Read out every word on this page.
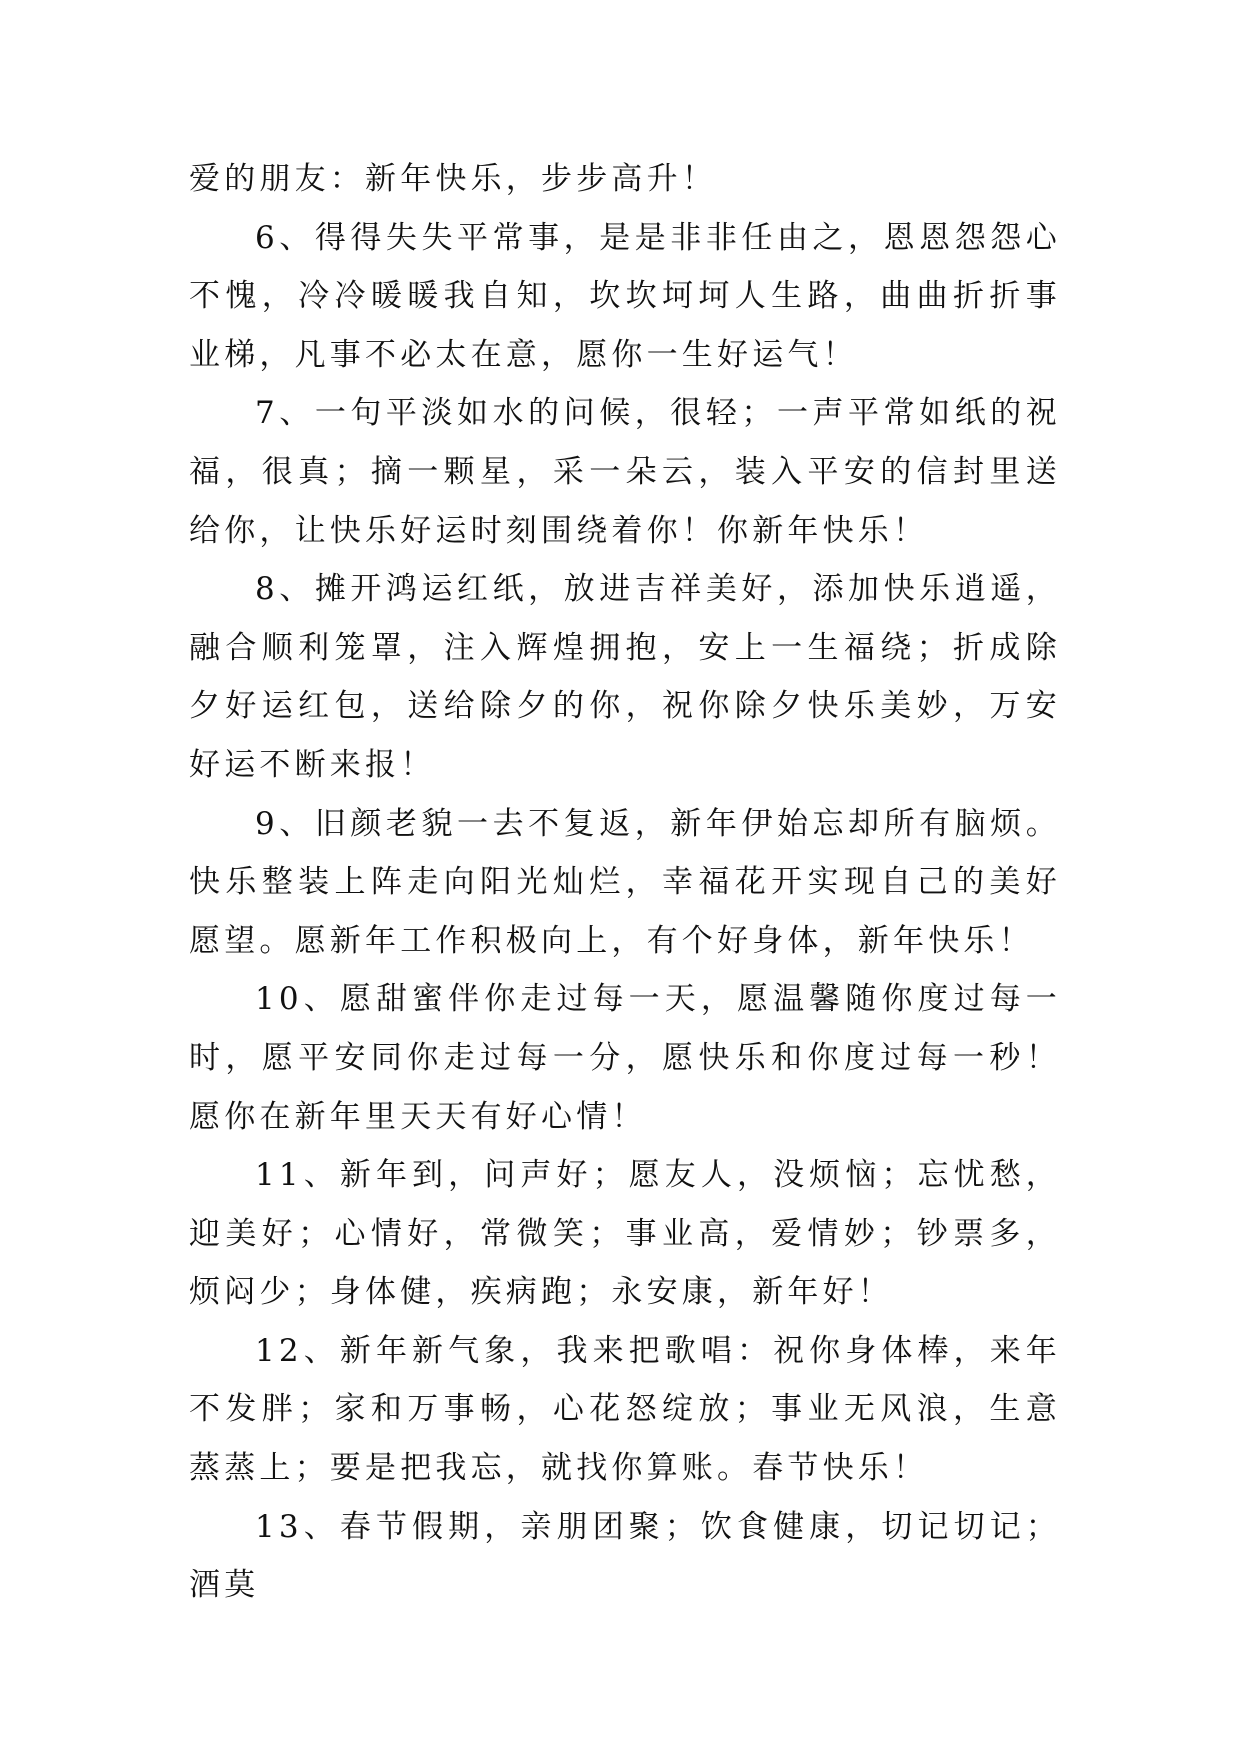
爱的朋友：新年快乐，步步高升！

6、得得失失平常事，是是非非任由之，恩恩怨怨心不愧，冷冷暖暖我自知，坎坎坷坷人生路，曲曲折折事业梯，凡事不必太在意，愿你一生好运气！

7、一句平淡如水的问候，很轻；一声平常如纸的祝福，很真；摘一颗星，采一朵云，装入平安的信封里送给你，让快乐好运时刻围绕着你！你新年快乐！

8、摊开鸿运红纸，放进吉祥美好，添加快乐逍遥，融合顺利笼罩，注入辉煌拥抱，安上一生福绕；折成除夕好运红包，送给除夕的你，祝你除夕快乐美妙，万安好运不断来报！

9、旧颜老貌一去不复返，新年伊始忘却所有脑烦。快乐整装上阵走向阳光灿烂，幸福花开实现自己的美好愿望。愿新年工作积极向上，有个好身体，新年快乐！

10、愿甜蜜伴你走过每一天，愿温馨随你度过每一时，愿平安同你走过每一分，愿快乐和你度过每一秒！愿你在新年里天天有好心情！

11、新年到，问声好；愿友人，没烦恼；忘忧愁，迎美好；心情好，常微笑；事业高，爱情妙；钞票多，烦闷少；身体健，疾病跑；永安康，新年好！

12、新年新气象，我来把歌唱：祝你身体棒，来年不发胖；家和万事畅，心花怒绽放；事业无风浪，生意蒸蒸上；要是把我忘，就找你算账。春节快乐！

13、春节假期，亲朋团聚；饮食健康，切记切记；酒莫
